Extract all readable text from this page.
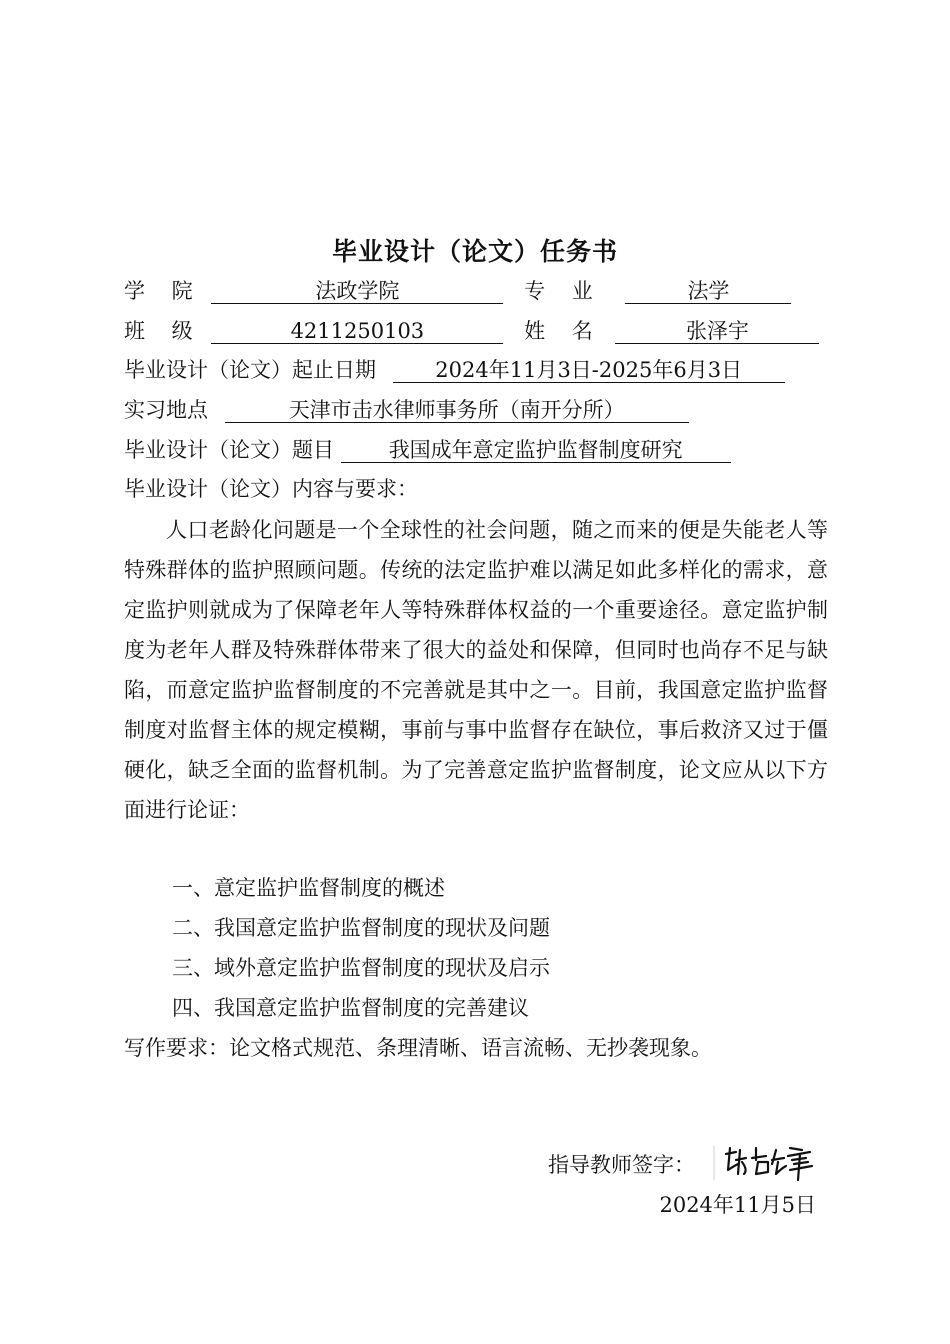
毕业设计（论文）任务书
学 院	法政学院	专 业	法学
班 级	4211250103	姓 名	张泽宇
毕业设计（论文）起止日期	2024年11月3日-2025年6月3日
实习地点	天津市击水律师事务所（南开分所）
毕业设计（论文）题目	我国成年意定监护监督制度研究
毕业设计（论文）内容与要求：
人口老龄化问题是一个全球性的社会问题，随之而来的便是失能老人等特殊群体的监护照顾问题。传统的法定监护难以满足如此多样化的需求，意定监护则就成为了保障老年人等特殊群体权益的一个重要途径。意定监护制度为老年人群及特殊群体带来了很大的益处和保障，但同时也尚存不足与缺陷，而意定监护监督制度的不完善就是其中之一。目前，我国意定监护监督制度对监督主体的规定模糊，事前与事中监督存在缺位，事后救济又过于僵硬化，缺乏全面的监督机制。为了完善意定监护监督制度，论文应从以下方面进行论证：
一、意定监护监督制度的概述
二、我国意定监护监督制度的现状及问题
三、域外意定监护监督制度的现状及启示
四、我国意定监护监督制度的完善建议
写作要求：论文格式规范、条理清晰、语言流畅、无抄袭现象。
指导教师签字：
2024年11月5日
